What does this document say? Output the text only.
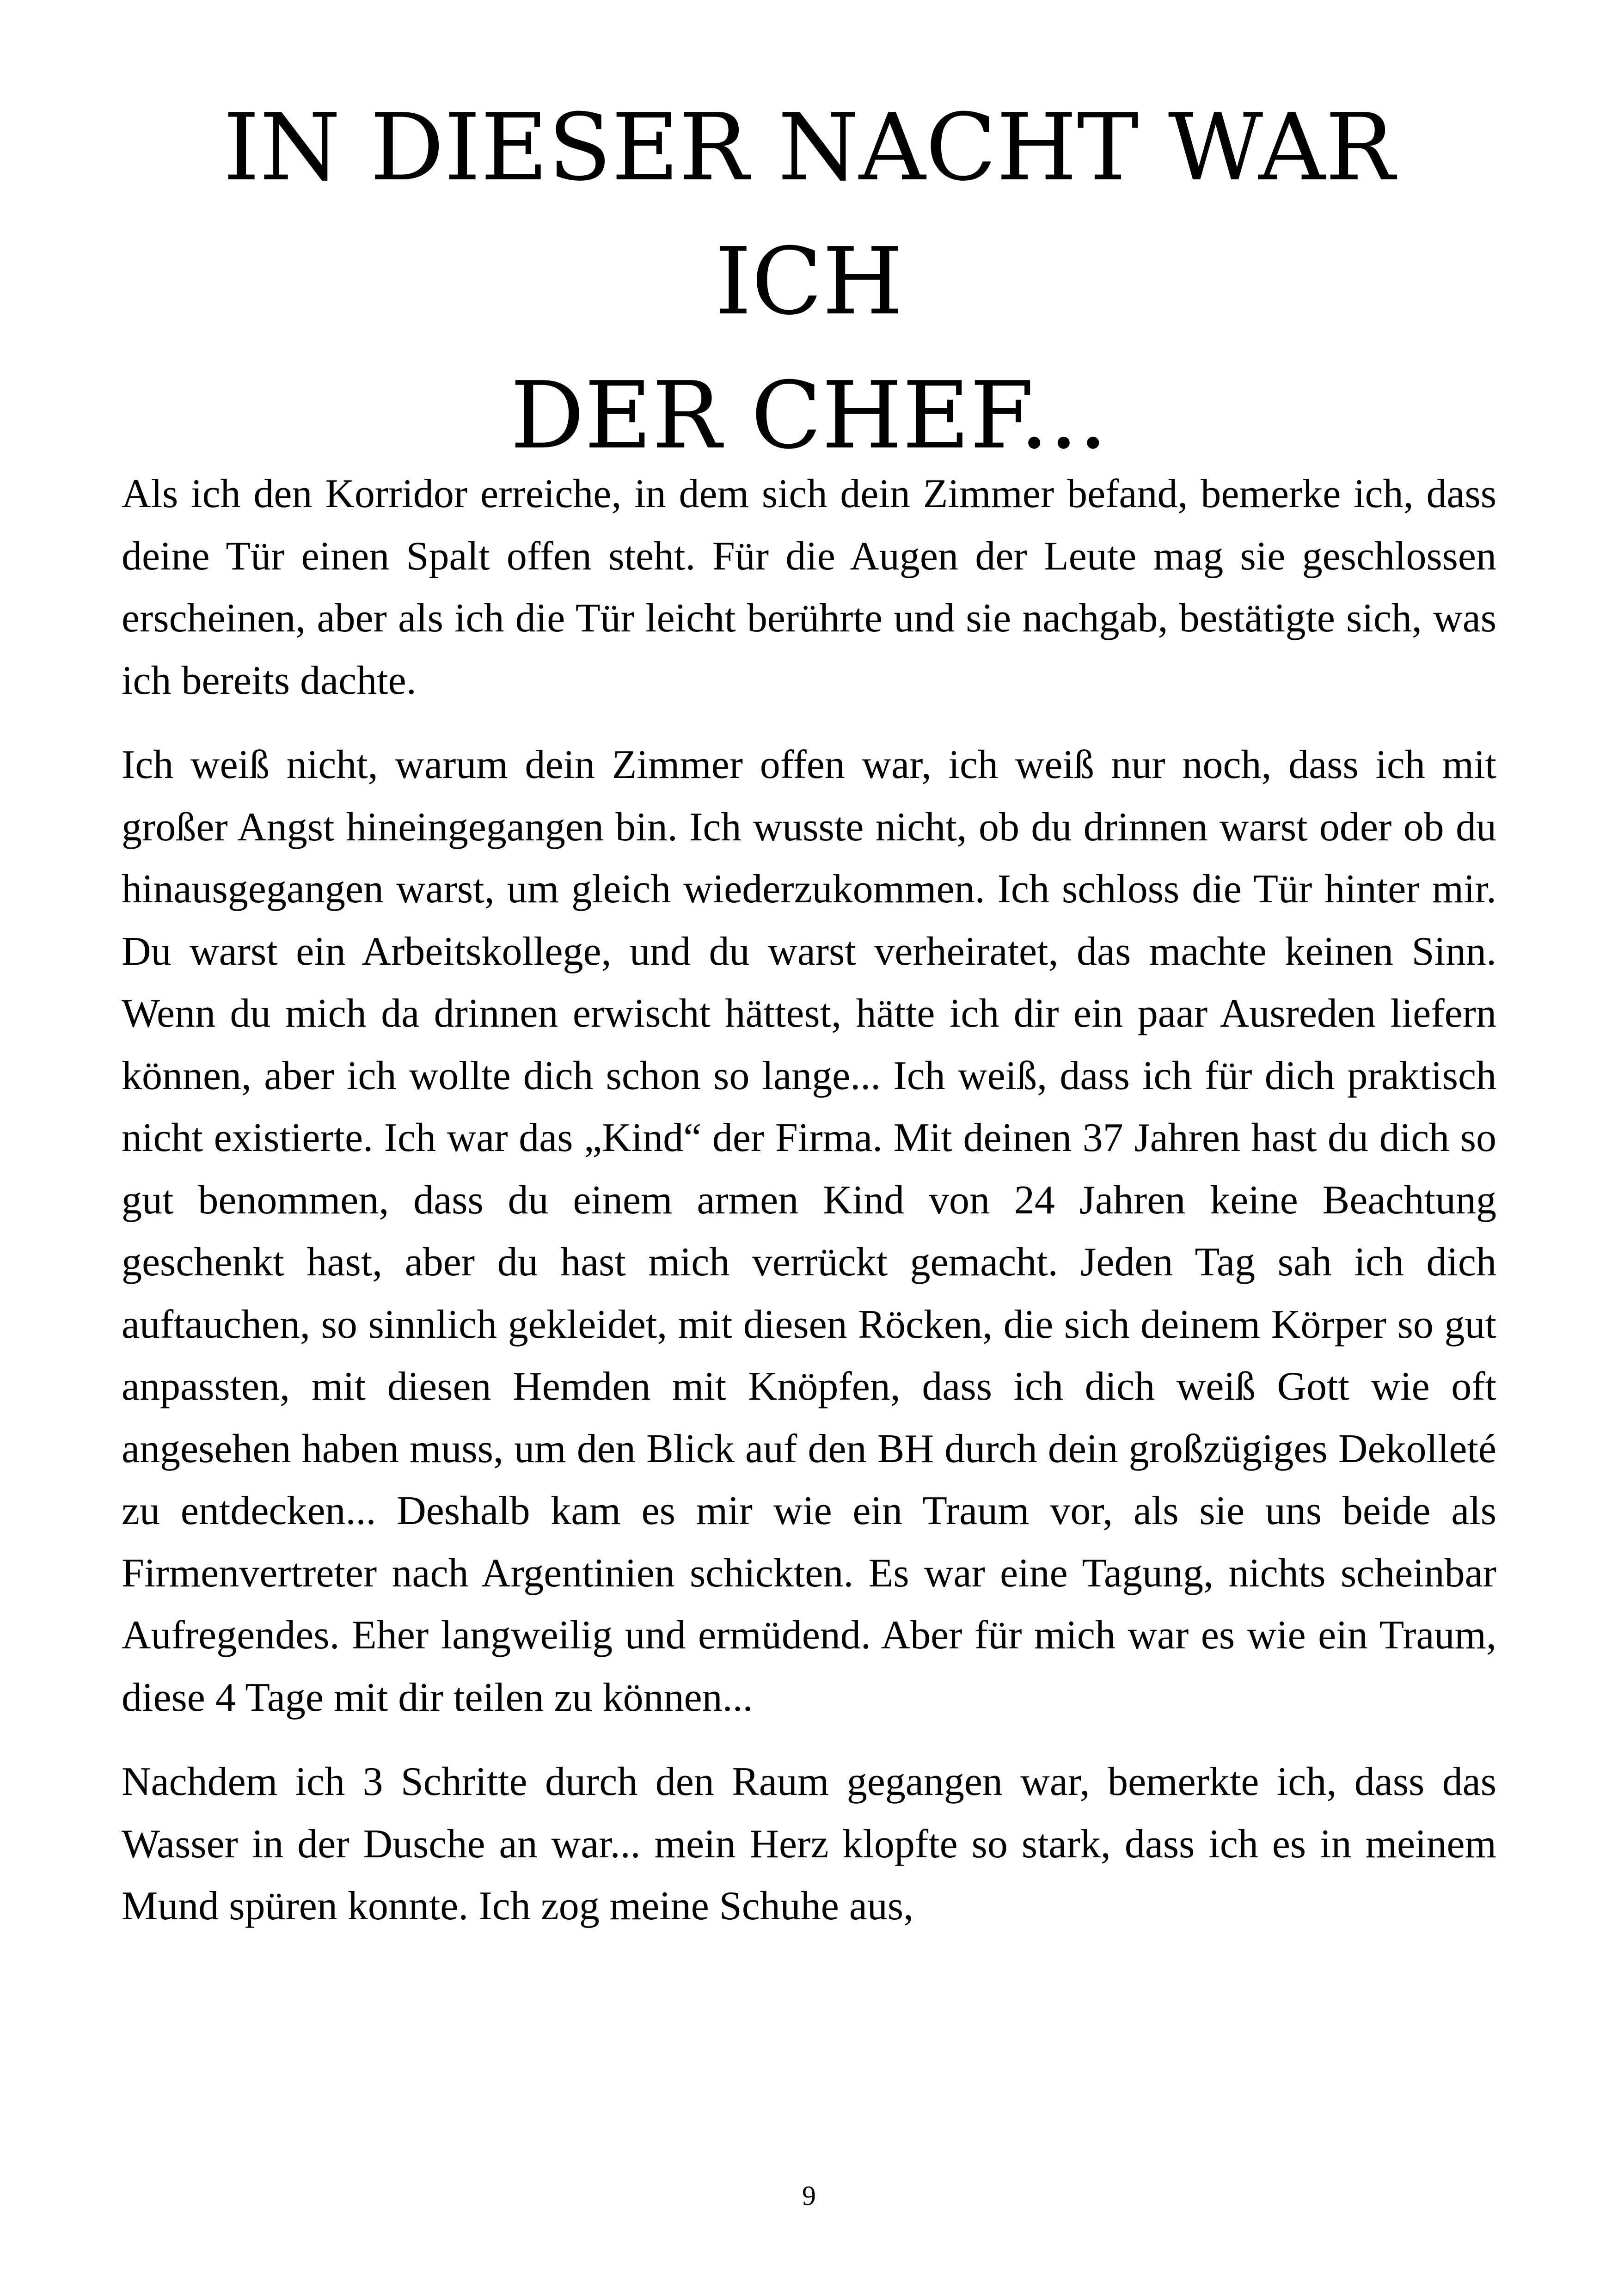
IN DIESER NACHT WAR ICH
DER CHEF...

Als ich den Korridor erreiche, in dem sich dein Zimmer befand, bemerke ich, dass deine Tür einen Spalt offen steht. Für die Augen der Leute mag sie geschlossen erscheinen, aber als ich die Tür leicht berührte und sie nachgab, bestätigte sich, was ich bereits dachte.

Ich weiß nicht, warum dein Zimmer offen war, ich weiß nur noch, dass ich mit großer Angst hineingegangen bin. Ich wusste nicht, ob du drinnen warst oder ob du hinausgegangen warst, um gleich wiederzukommen. Ich schloss die Tür hinter mir. Du warst ein Arbeitskollege, und du warst verheiratet, das machte keinen Sinn. Wenn du mich da drinnen erwischt hättest, hätte ich dir ein paar Ausreden liefern können, aber ich wollte dich schon so lange... Ich weiß, dass ich für dich praktisch nicht existierte. Ich war das „Kind“ der Firma. Mit deinen 37 Jahren hast du dich so gut benommen, dass du einem armen Kind von 24 Jahren keine Beachtung geschenkt hast, aber du hast mich verrückt gemacht. Jeden Tag sah ich dich auftauchen, so sinnlich gekleidet, mit diesen Röcken, die sich deinem Körper so gut anpassten, mit diesen Hemden mit Knöpfen, dass ich dich weiß Gott wie oft angesehen haben muss, um den Blick auf den BH durch dein großzügiges Dekolleté zu entdecken... Deshalb kam es mir wie ein Traum vor, als sie uns beide als Firmenvertreter nach Argentinien schickten. Es war eine Tagung, nichts scheinbar Aufregendes. Eher langweilig und ermüdend. Aber für mich war es wie ein Traum, diese 4 Tage mit dir teilen zu können...

Nachdem ich 3 Schritte durch den Raum gegangen war, bemerkte ich, dass das Wasser in der Dusche an war... mein Herz klopfte so stark, dass ich es in meinem Mund spüren konnte. Ich zog meine Schuhe aus,

9
